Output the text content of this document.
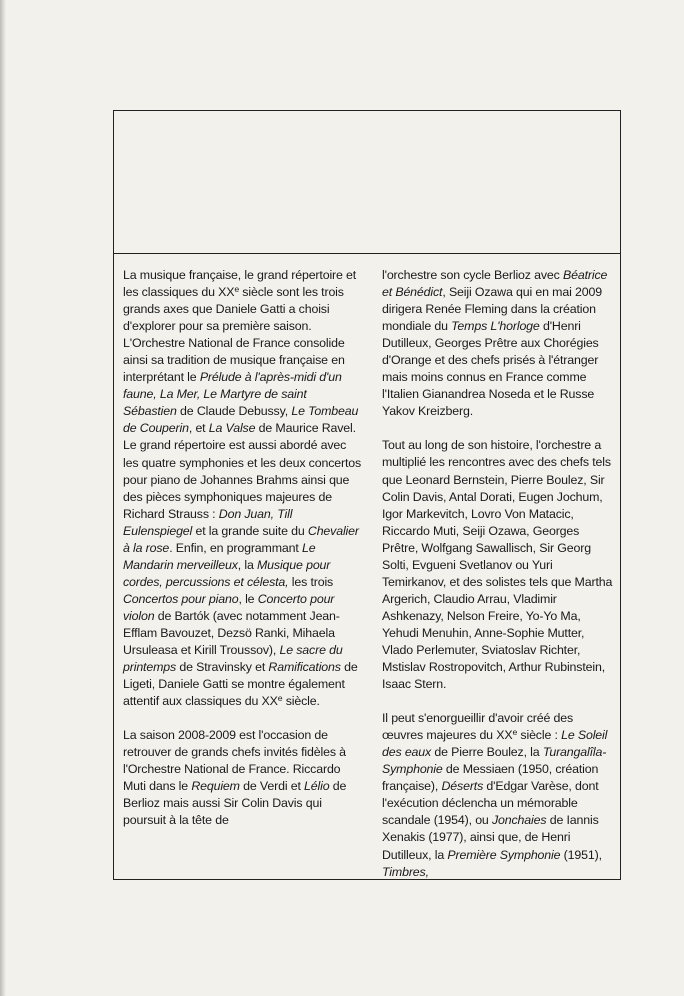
La musique française, le grand répertoire et les classiques du XXe siècle sont les trois grands axes que Daniele Gatti a choisi d'explorer pour sa première saison. L'Orchestre National de France consolide ainsi sa tradition de musique française en interprétant le Prélude à l'après-midi d'un faune, La Mer, Le Martyre de saint Sébastien de Claude Debussy, Le Tombeau de Couperin, et La Valse de Maurice Ravel. Le grand répertoire est aussi abordé avec les quatre symphonies et les deux concertos pour piano de Johannes Brahms ainsi que des pièces symphoniques majeures de Richard Strauss : Don Juan, Till Eulenspiegel et la grande suite du Chevalier à la rose. Enfin, en programmant Le Mandarin merveilleux, la Musique pour cordes, percussions et célesta, les trois Concertos pour piano, le Concerto pour violon de Bartók (avec notamment Jean-Efflam Bavouzet, Dezsö Ranki, Mihaela Ursuleasa et Kirill Troussov), Le sacre du printemps de Stravinsky et Ramifications de Ligeti, Daniele Gatti se montre également attentif aux classiques du XXe siècle.

La saison 2008-2009 est l'occasion de retrouver de grands chefs invités fidèles à l'Orchestre National de France. Riccardo Muti dans le Requiem de Verdi et Lélio de Berlioz mais aussi Sir Colin Davis qui poursuit à la tête de

l'orchestre son cycle Berlioz avec Béatrice et Bénédict, Seiji Ozawa qui en mai 2009 dirigera Renée Fleming dans la création mondiale du Temps L'horloge d'Henri Dutilleux, Georges Prêtre aux Chorégies d'Orange et des chefs prisés à l'étranger mais moins connus en France comme l'Italien Gianandrea Noseda et le Russe Yakov Kreizberg.

Tout au long de son histoire, l'orchestre a multiplié les rencontres avec des chefs tels que Leonard Bernstein, Pierre Boulez, Sir Colin Davis, Antal Dorati, Eugen Jochum, Igor Markevitch, Lovro Von Matacic, Riccardo Muti, Seiji Ozawa, Georges Prêtre, Wolfgang Sawallisch, Sir Georg Solti, Evgueni Svetlanov ou Yuri Temirkanov, et des solistes tels que Martha Argerich, Claudio Arrau, Vladimir Ashkenazy, Nelson Freire, Yo-Yo Ma, Yehudi Menuhin, Anne-Sophie Mutter, Vlado Perlemuter, Sviatoslav Richter, Mstislav Rostropovitch, Arthur Rubinstein, Isaac Stern.

Il peut s'enorgueillir d'avoir créé des œuvres majeures du XXe siècle : Le Soleil des eaux de Pierre Boulez, la Turangalîla-Symphonie de Messiaen (1950, création française), Déserts d'Edgar Varèse, dont l'exécution déclencha un mémorable scandale (1954), ou Jonchaies de Iannis Xenakis (1977), ainsi que, de Henri Dutilleux, la Première Symphonie (1951), Timbres,
